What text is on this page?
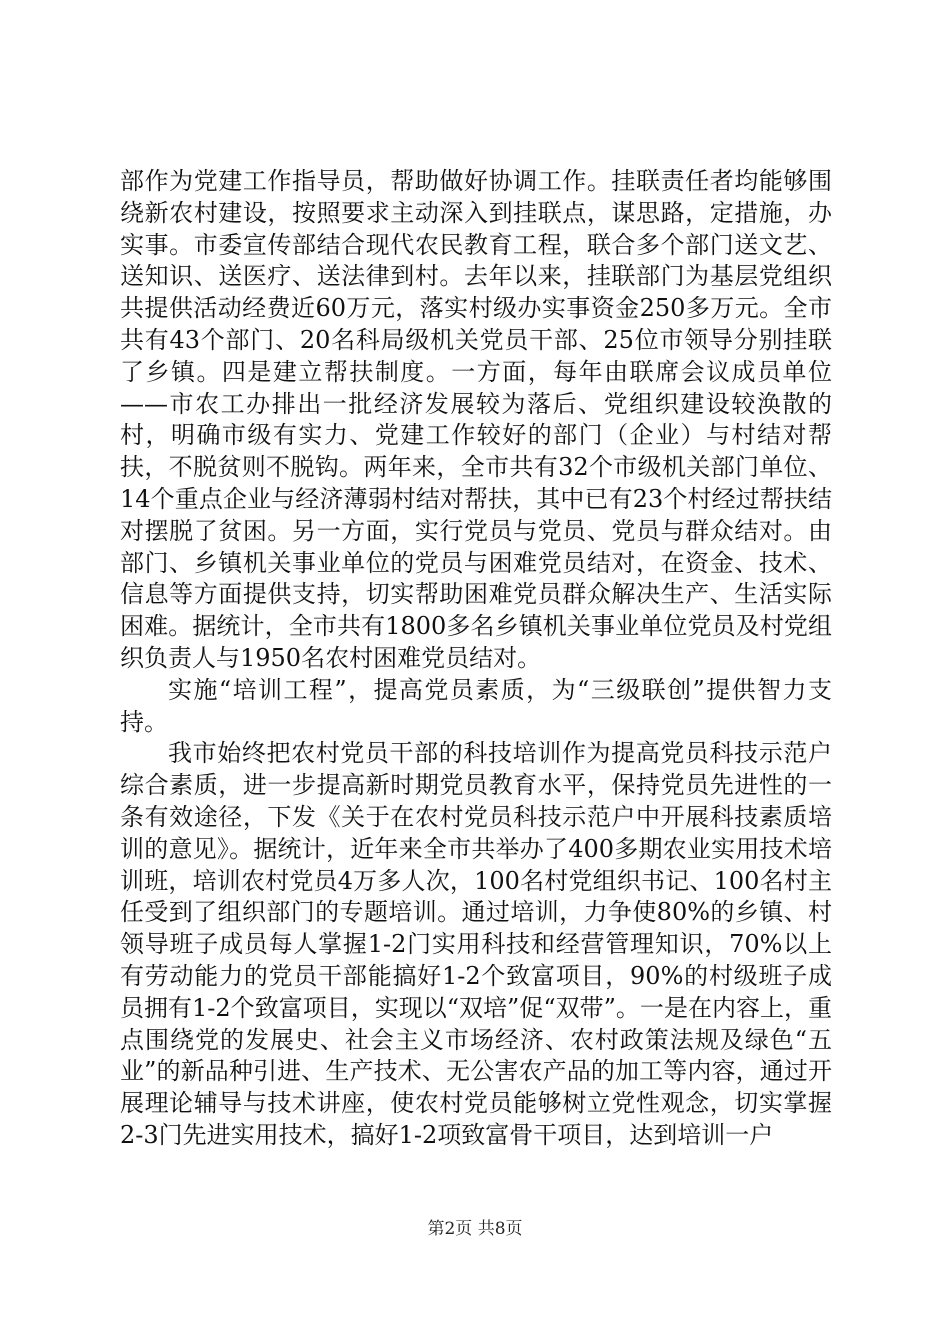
部作为党建工作指导员，帮助做好协调工作。挂联责任者均能够围绕新农村建设，按照要求主动深入到挂联点，谋思路，定措施，办实事。市委宣传部结合现代农民教育工程，联合多个部门送文艺、送知识、送医疗、送法律到村。去年以来，挂联部门为基层党组织共提供活动经费近60万元，落实村级办实事资金250多万元。全市共有43个部门、20名科局级机关党员干部、25位市领导分别挂联了乡镇。四是建立帮扶制度。一方面，每年由联席会议成员单位——市农工办排出一批经济发展较为落后、党组织建设较涣散的村，明确市级有实力、党建工作较好的部门（企业）与村结对帮扶，不脱贫则不脱钩。两年来，全市共有32个市级机关部门单位、14个重点企业与经济薄弱村结对帮扶，其中已有23个村经过帮扶结对摆脱了贫困。另一方面，实行党员与党员、党员与群众结对。由部门、乡镇机关事业单位的党员与困难党员结对，在资金、技术、信息等方面提供支持，切实帮助困难党员群众解决生产、生活实际困难。据统计，全市共有1800多名乡镇机关事业单位党员及村党组织负责人与1950名农村困难党员结对。

实施“培训工程”，提高党员素质，为“三级联创”提供智力支持。

我市始终把农村党员干部的科技培训作为提高党员科技示范户综合素质，进一步提高新时期党员教育水平，保持党员先进性的一条有效途径，下发《关于在农村党员科技示范户中开展科技素质培训的意见》。据统计，近年来全市共举办了400多期农业实用技术培训班，培训农村党员4万多人次，100名村党组织书记、100名村主任受到了组织部门的专题培训。通过培训，力争使80%的乡镇、村领导班子成员每人掌握1-2门实用科技和经营管理知识，70%以上有劳动能力的党员干部能搞好1-2个致富项目，90%的村级班子成员拥有1-2个致富项目，实现以“双培”促“双带”。一是在内容上，重点围绕党的发展史、社会主义市场经济、农村政策法规及绿色“五业”的新品种引进、生产技术、无公害农产品的加工等内容，通过开展理论辅导与技术讲座，使农村党员能够树立党性观念，切实掌握2-3门先进实用技术，搞好1-2项致富骨干项目，达到培训一户

第2页 共8页
